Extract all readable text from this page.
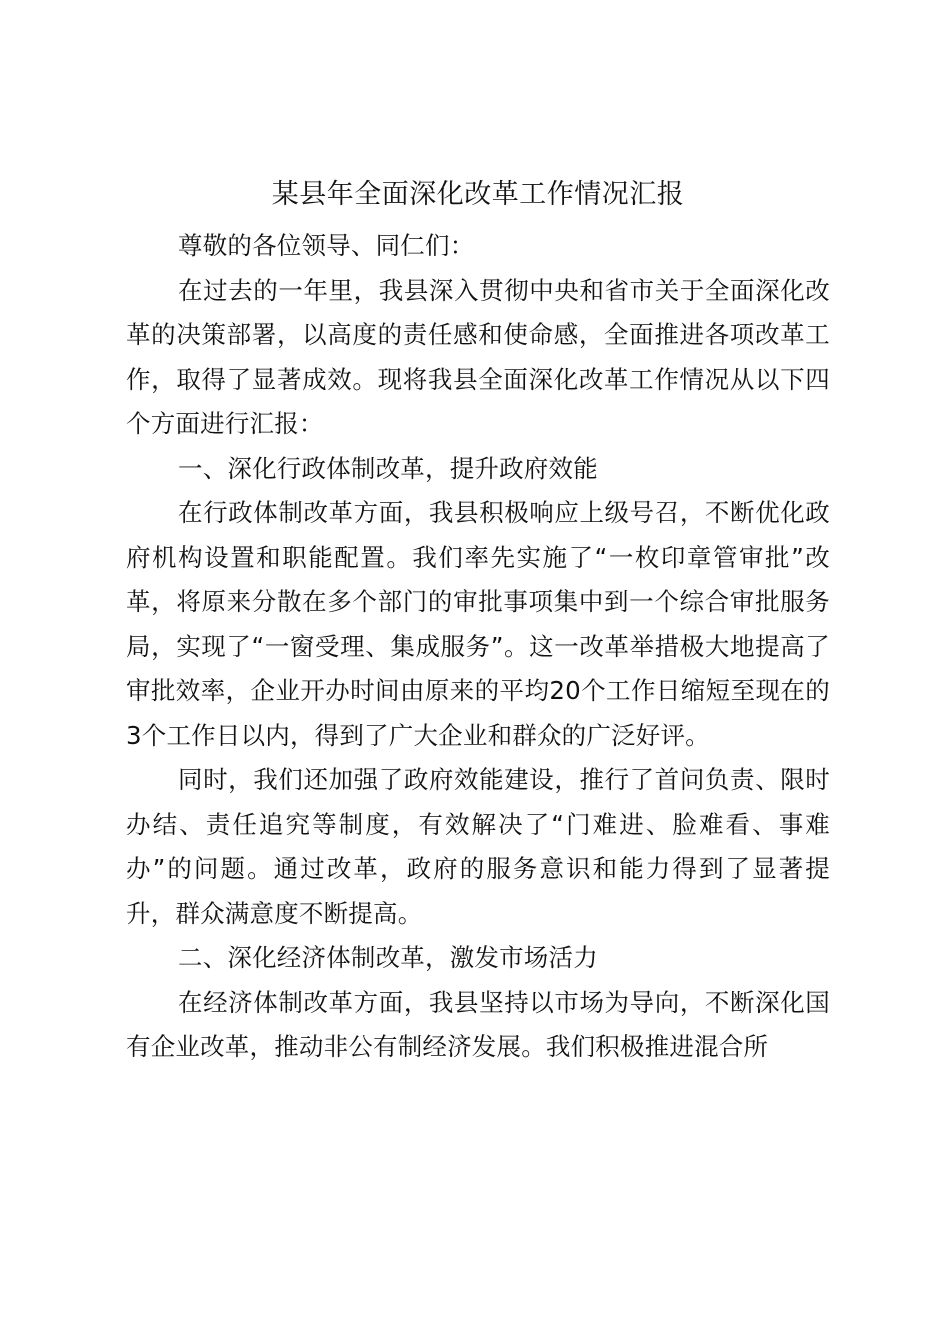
某县年全面深化改革工作情况汇报

尊敬的各位领导、同仁们：

在过去的一年里，我县深入贯彻中央和省市关于全面深化改革的决策部署，以高度的责任感和使命感，全面推进各项改革工作，取得了显著成效。现将我县全面深化改革工作情况从以下四个方面进行汇报：

一、深化行政体制改革，提升政府效能

在行政体制改革方面，我县积极响应上级号召，不断优化政府机构设置和职能配置。我们率先实施了“一枚印章管审批”改革，将原来分散在多个部门的审批事项集中到一个综合审批服务局，实现了“一窗受理、集成服务”。这一改革举措极大地提高了审批效率，企业开办时间由原来的平均20个工作日缩短至现在的3个工作日以内，得到了广大企业和群众的广泛好评。

同时，我们还加强了政府效能建设，推行了首问负责、限时办结、责任追究等制度，有效解决了“门难进、脸难看、事难办”的问题。通过改革，政府的服务意识和能力得到了显著提升，群众满意度不断提高。

二、深化经济体制改革，激发市场活力

在经济体制改革方面，我县坚持以市场为导向，不断深化国有企业改革，推动非公有制经济发展。我们积极推进混合所
